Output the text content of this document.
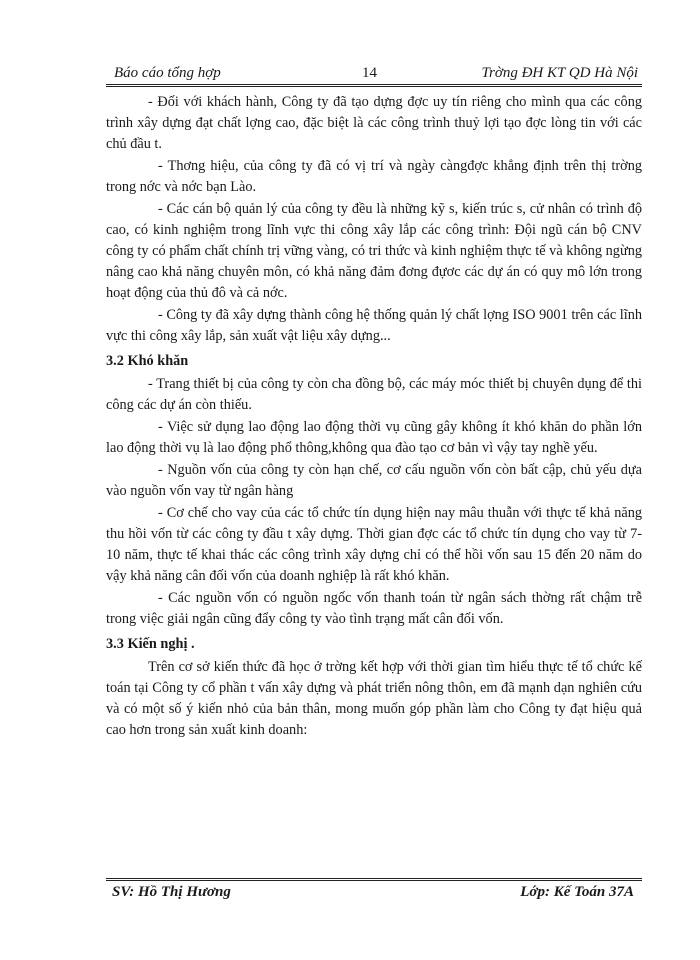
Báo cáo tổng hợp	14	Trờng ĐH KT QD Hà Nội

- Đối với khách hành, Công ty đã tạo dựng đợc uy tín riêng cho mình qua các công trình xây dựng đạt chất lợng cao, đặc biệt là các công trình thuỷ lợi tạo đợc lòng tin với các chủ đầu t.

- Thơng hiệu, của công ty đã có vị trí và ngày càngđợc khẳng định trên thị trờng trong nớc và nớc bạn Lào.

- Các cán bộ quản lý của công ty đều là những kỹ s, kiến trúc s, cử nhân có trình độ cao, có kinh nghiệm trong lĩnh vực thi công xây lắp các công trình: Đội ngũ cán bộ CNV công ty có phẩm chất chính trị vững vàng, có tri thức và kinh nghiệm thực tế và không ngừng nâng cao khả năng chuyên môn, có khả năng đảm đơng đựơc các dự án có quy mô lớn trong hoạt động của thủ đô và cả nớc.

- Công ty đã xây dựng thành công hệ thống quản lý chất lợng ISO 9001 trên các lĩnh vực thi công xây lắp, sản xuất vật liệu xây dựng...

3.2 Khó khăn

- Trang thiết bị của công ty còn cha đồng bộ, các máy móc thiết bị chuyên dụng để thi công các dự án còn thiếu.

- Việc sử dụng lao động lao động thời vụ cũng gây không ít khó khăn do phần lớn lao động thời vụ là lao động phổ thông,không qua đào tạo cơ bản vì vậy tay nghề yếu.

- Nguồn vốn của công ty còn hạn chế, cơ cấu nguồn vốn còn bất cập, chủ yếu dựa vào nguồn vốn vay từ ngân hàng

- Cơ chế cho vay của các tổ chức tín dụng hiện nay mâu thuẫn với thực tế khả năng thu hồi vốn từ các công ty đầu t xây dựng. Thời gian đợc các tổ chức tín dụng cho vay từ 7-10 năm, thực tế khai thác các công trình xây dựng chỉ có thể hồi vốn sau 15 đến 20 năm do vậy khả năng cân đối vốn của doanh nghiệp là rất khó khăn.

- Các nguồn vốn có nguồn ngốc vốn thanh toán từ ngân sách thờng rất chậm trễ trong việc giải ngân cũng đẩy công ty vào tình trạng mất cân đối vốn.

3.3 Kiến nghị .

Trên cơ sở kiến thức đã học ở trờng kết hợp với thời gian tìm hiểu thực tế tổ chức kế toán tại Công ty cổ phần t vấn xây dựng và phát triển nông thôn, em đã mạnh dạn nghiên cứu và có một số ý kiến nhỏ của bản thân, mong muốn góp phần làm cho Công ty đạt hiệu quả cao hơn trong sản xuất kinh doanh:

SV: Hồ Thị Hương	Lớp: Kế Toán 37A
